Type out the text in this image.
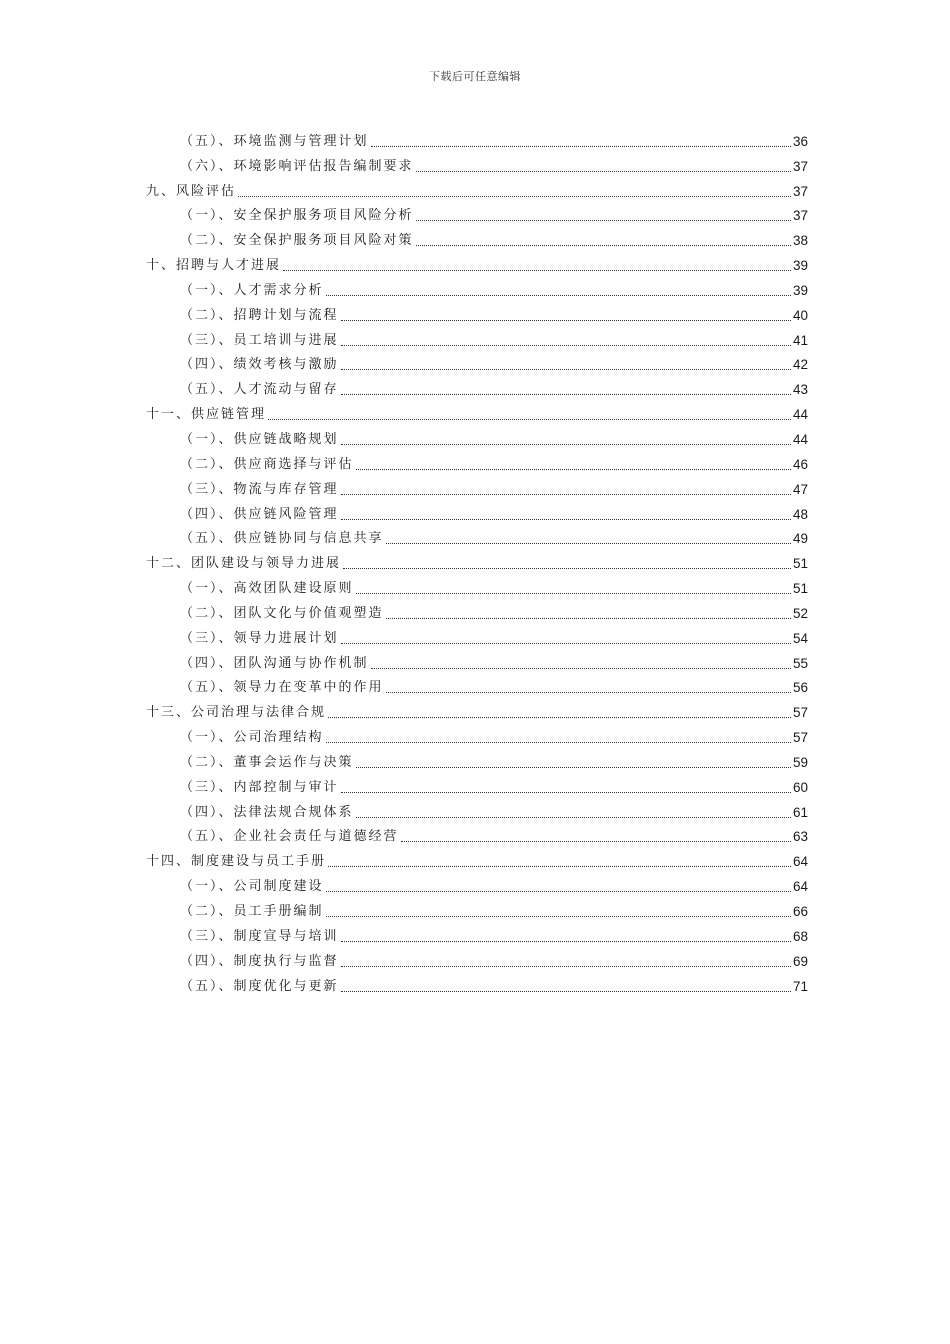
下载后可任意编辑
（五）、环境监测与管理计划	36
（六）、环境影响评估报告编制要求	37
九、风险评估	37
（一）、安全保护服务项目风险分析	37
（二）、安全保护服务项目风险对策	38
十、招聘与人才进展	39
（一）、人才需求分析	39
（二）、招聘计划与流程	40
（三）、员工培训与进展	41
（四）、绩效考核与激励	42
（五）、人才流动与留存	43
十一、供应链管理	44
（一）、供应链战略规划	44
（二）、供应商选择与评估	46
（三）、物流与库存管理	47
（四）、供应链风险管理	48
（五）、供应链协同与信息共享	49
十二、团队建设与领导力进展	51
（一）、高效团队建设原则	51
（二）、团队文化与价值观塑造	52
（三）、领导力进展计划	54
（四）、团队沟通与协作机制	55
（五）、领导力在变革中的作用	56
十三、公司治理与法律合规	57
（一）、公司治理结构	57
（二）、董事会运作与决策	59
（三）、内部控制与审计	60
（四）、法律法规合规体系	61
（五）、企业社会责任与道德经营	63
十四、制度建设与员工手册	64
（一）、公司制度建设	64
（二）、员工手册编制	66
（三）、制度宣导与培训	68
（四）、制度执行与监督	69
（五）、制度优化与更新	71
